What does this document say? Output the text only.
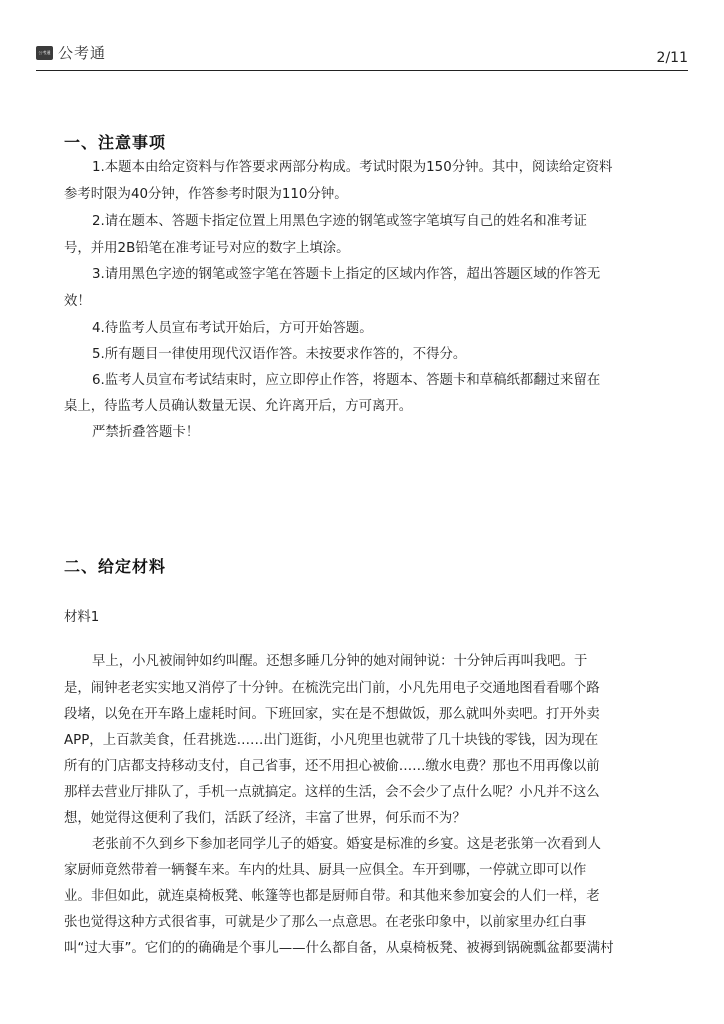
公考通 公考通	2/11
一、注意事项
1.本题本由给定资料与作答要求两部分构成。考试时限为150分钟。其中，阅读给定资料
参考时限为40分钟，作答参考时限为110分钟。
2.请在题本、答题卡指定位置上用黑色字迹的钢笔或签字笔填写自己的姓名和准考证
号，并用2B铅笔在准考证号对应的数字上填涂。
3.请用黑色字迹的钢笔或签字笔在答题卡上指定的区域内作答，超出答题区域的作答无
效！
4.待监考人员宣布考试开始后，方可开始答题。
5.所有题目一律使用现代汉语作答。未按要求作答的，不得分。
6.监考人员宣布考试结束时，应立即停止作答，将题本、答题卡和草稿纸都翻过来留在
桌上，待监考人员确认数量无误、允许离开后，方可离开。
严禁折叠答题卡！
二、给定材料
材料1
早上，小凡被闹钟如约叫醒。还想多睡几分钟的她对闹钟说：十分钟后再叫我吧。于
是，闹钟老老实实地又消停了十分钟。在梳洗完出门前，小凡先用电子交通地图看看哪个路
段堵，以免在开车路上虚耗时间。下班回家，实在是不想做饭，那么就叫外卖吧。打开外卖
APP，上百款美食，任君挑选……出门逛街，小凡兜里也就带了几十块钱的零钱，因为现在
所有的门店都支持移动支付，自己省事，还不用担心被偷……缴水电费？那也不用再像以前
那样去营业厅排队了，手机一点就搞定。这样的生活，会不会少了点什么呢？小凡并不这么
想，她觉得这便利了我们，活跃了经济，丰富了世界，何乐而不为？
老张前不久到乡下参加老同学儿子的婚宴。婚宴是标准的乡宴。这是老张第一次看到人
家厨师竟然带着一辆餐车来。车内的灶具、厨具一应俱全。车开到哪，一停就立即可以作
业。非但如此，就连桌椅板凳、帐篷等也都是厨师自带。和其他来参加宴会的人们一样，老
张也觉得这种方式很省事，可就是少了那么一点意思。在老张印象中，以前家里办红白事
叫“过大事”。它们的的确确是个事儿——什么都自备，从桌椅板凳、被褥到锅碗瓢盆都要满村
